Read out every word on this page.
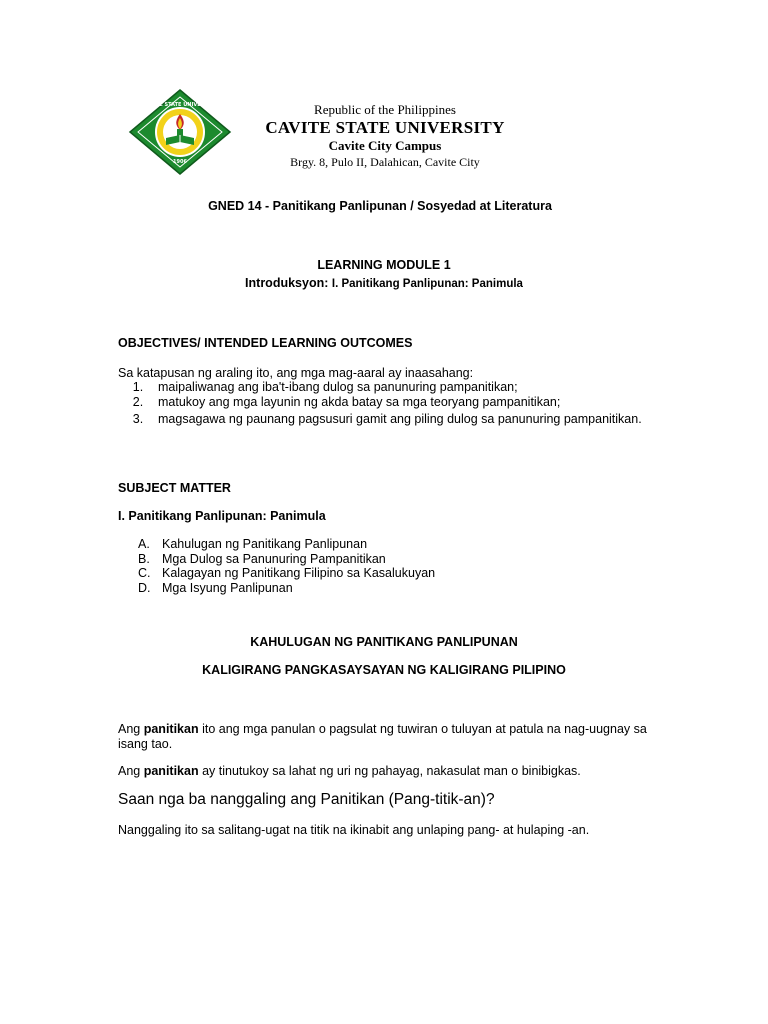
CAVITE STATE UNIVERSITY
1906
Republic of the Philippines
CAVITE STATE UNIVERSITY
Cavite City Campus
Brgy. 8, Pulo II, Dalahican, Cavite City
GNED 14 - Panitikang Panlipunan / Sosyedad at Literatura
LEARNING MODULE 1
Introduksyon: I. Panitikang Panlipunan: Panimula
OBJECTIVES/ INTENDED LEARNING OUTCOMES
Sa katapusan ng araling ito, ang mga mag-aaral ay inaasahang:
1.	maipaliwanag ang iba't-ibang dulog sa panunuring pampanitikan;
2.	matukoy ang mga layunin ng akda batay sa mga teoryang pampanitikan;
3.	magsagawa ng paunang pagsusuri gamit ang piling dulog sa panunuring pampanitikan.
SUBJECT MATTER
I. Panitikang Panlipunan: Panimula
A. Kahulugan ng Panitikang Panlipunan
B. Mga Dulog sa Panunuring Pampanitikan
C. Kalagayan ng Panitikang Filipino sa Kasalukuyan
D. Mga Isyung Panlipunan
KAHULUGAN NG PANITIKANG PANLIPUNAN
KALIGIRANG PANGKASAYSAYAN NG KALIGIRANG PILIPINO
Ang panitikan ito ang mga panulan o pagsulat ng tuwiran o tuluyan at patula na nag-uugnay sa isang tao.
Ang panitikan ay tinutukoy sa lahat ng uri ng pahayag, nakasulat man o binibigkas.
Saan nga ba nanggaling ang Panitikan (Pang-titik-an)?
Nanggaling ito sa salitang-ugat na titik na ikinabit ang unlaping pang- at hulaping -an.
